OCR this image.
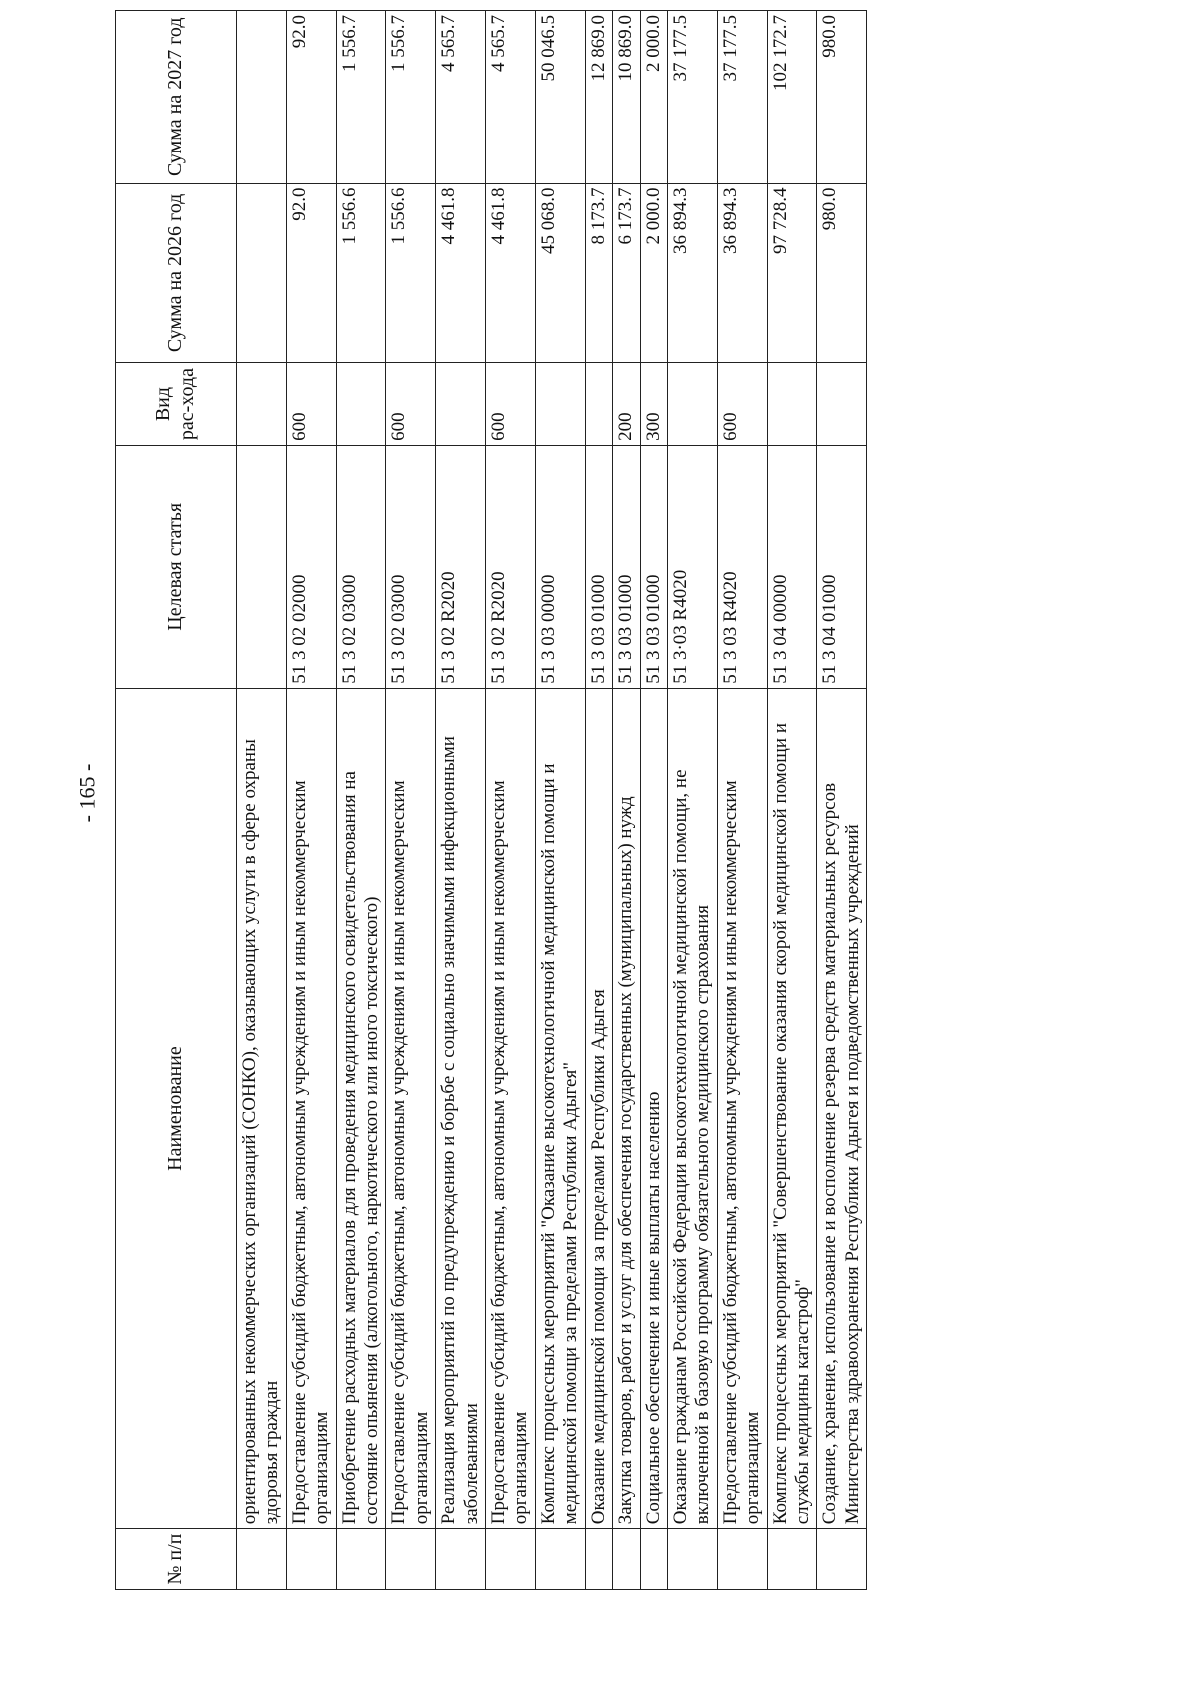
- 165 -
№ п/п	Наименование	Целевая статья	Вид рас-хода	Сумма на 2026 год	Сумма на 2027 год
	ориентированных некоммерческих организаций (СОНКО), оказывающих услуги в сфере охраны здоровья граждан				
	Предоставление субсидий бюджетным, автономным учреждениям и иным некоммерческим организациям	51 3 02 02000	600	92.0	92.0
	Приобретение расходных материалов для проведения медицинского освидетельствования на состояние опьянения (алкогольного, наркотического или иного токсического)	51 3 02 03000		1 556.6	1 556.7
	Предоставление субсидий бюджетным, автономным учреждениям и иным некоммерческим организациям	51 3 02 03000	600	1 556.6	1 556.7
	Реализация мероприятий по предупреждению и борьбе с социально значимыми инфекционными заболеваниями	51 3 02 R2020		4 461.8	4 565.7
	Предоставление субсидий бюджетным, автономным учреждениям и иным некоммерческим организациям	51 3 02 R2020	600	4 461.8	4 565.7
	Комплекс процессных мероприятий "Оказание высокотехнологичной медицинской помощи и медицинской помощи за пределами Республики Адыгея"	51 3 03 00000		45 068.0	50 046.5
	Оказание медицинской помощи за пределами Республики Адыгея	51 3 03 01000		8 173.7	12 869.0
	Закупка товаров, работ и услуг для обеспечения государственных (муниципальных) нужд	51 3 03 01000	200	6 173.7	10 869.0
	Социальное обеспечение и иные выплаты населению	51 3 03 01000	300	2 000.0	2 000.0
	Оказание гражданам Российской Федерации высокотехнологичной медицинской помощи, не включенной в базовую программу обязательного медицинского страхования	51 3·03 R4020		36 894.3	37 177.5
	Предоставление субсидий бюджетным, автономным учреждениям и иным некоммерческим организациям	51 3 03 R4020	600	36 894.3	37 177.5
	Комплекс процессных мероприятий "Совершенствование оказания скорой медицинской помощи и службы медицины катастроф"	51 3 04 00000		97 728.4	102 172.7
	Создание, хранение, использование и восполнение резерва средств материальных ресурсов Министерства здравоохранения Республики Адыгея и подведомственных учреждений	51 3 04 01000		980.0	980.0
